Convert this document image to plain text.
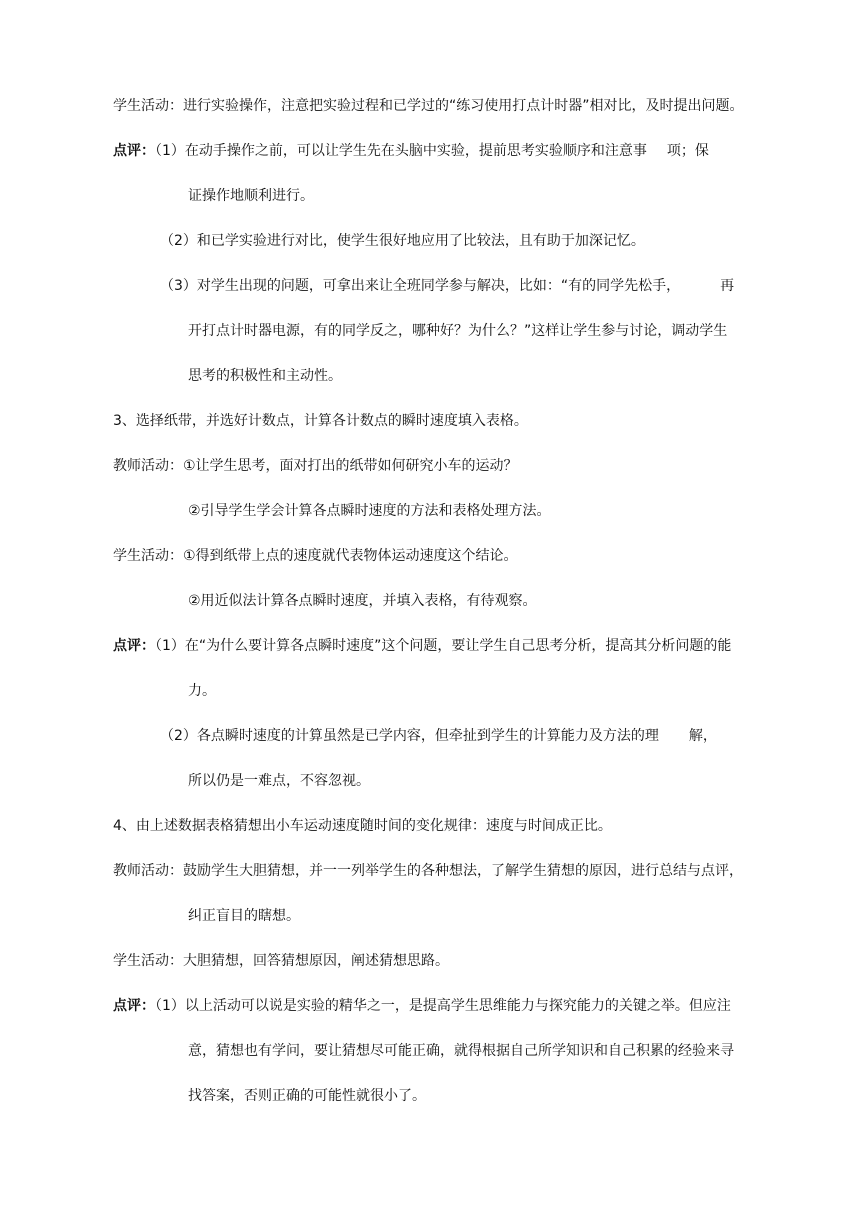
学生活动：进行实验操作，注意把实验过程和已学过的“练习使用打点计时器”相对比，及时提出问题。
点评：（1）在动手操作之前，可以让学生先在头脑中实验，提前思考实验顺序和注意事 项；保
证操作地顺利进行。
（2）和已学实验进行对比，使学生很好地应用了比较法，且有助于加深记忆。
（3）对学生出现的问题，可拿出来让全班同学参与解决，比如：“有的同学先松手，	再
开打点计时器电源，有的同学反之，哪种好？为什么？”这样让学生参与讨论，调动学生
思考的积极性和主动性。
3、选择纸带，并选好计数点，计算各计数点的瞬时速度填入表格。
教师活动：①让学生思考，面对打出的纸带如何研究小车的运动？
②引导学生学会计算各点瞬时速度的方法和表格处理方法。
学生活动：①得到纸带上点的速度就代表物体运动速度这个结论。
②用近似法计算各点瞬时速度，并填入表格，有待观察。
点评：（1）在“为什么要计算各点瞬时速度”这个问题，要让学生自己思考分析，提高其分析问题的能
力。
（2）各点瞬时速度的计算虽然是已学内容，但牵扯到学生的计算能力及方法的理 解，
所以仍是一难点，不容忽视。
4、由上述数据表格猜想出小车运动速度随时间的变化规律：速度与时间成正比。
教师活动：鼓励学生大胆猜想，并一一列举学生的各种想法，了解学生猜想的原因，进行总结与点评，
纠正盲目的瞎想。
学生活动：大胆猜想，回答猜想原因，阐述猜想思路。
点评：（1）以上活动可以说是实验的精华之一，是提高学生思维能力与探究能力的关键之举。但应注
意，猜想也有学问，要让猜想尽可能正确，就得根据自己所学知识和自己积累的经验来寻
找答案，否则正确的可能性就很小了。
